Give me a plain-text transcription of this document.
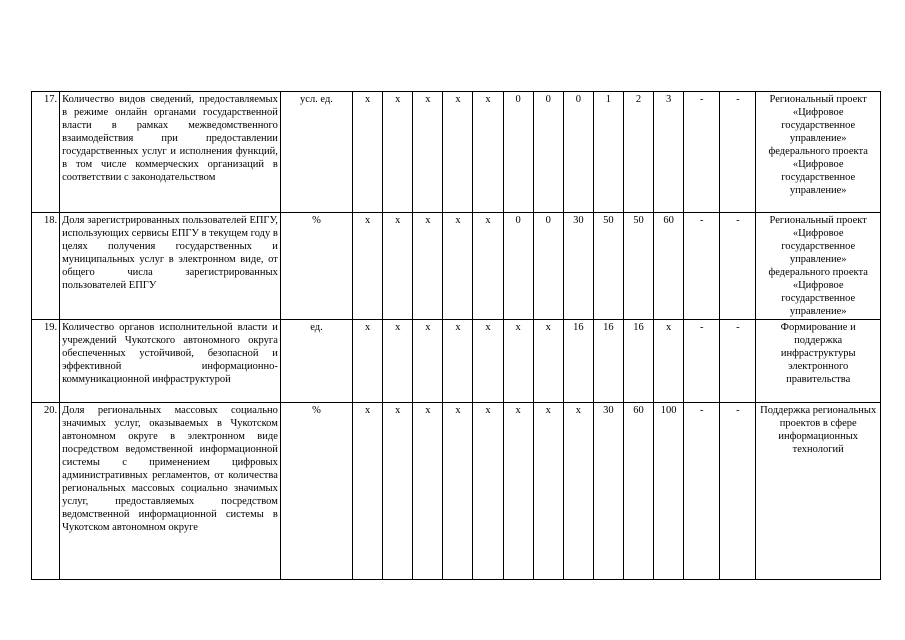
17.	Количество видов сведений, предоставляемых в режиме онлайн органами государственной власти в рамках межведомственного взаимодействия при предоставлении государственных услуг и исполнения функций, в том числе коммерческих организаций в соответствии с законодательством	усл. ед.	х	х	х	х	х	0	0	0	1	2	3	-	-	Региональный проект «Цифровое государственное управление» федерального проекта «Цифровое государственное управление»
18.	Доля зарегистрированных пользователей ЕПГУ, использующих сервисы ЕПГУ в текущем году в целях получения государственных и муниципальных услуг в электронном виде, от общего числа зарегистрированных пользователей ЕПГУ	%	х	х	х	х	х	0	0	30	50	50	60	-	-	Региональный проект «Цифровое государственное управление» федерального проекта «Цифровое государственное управление»
19.	Количество органов исполнительной власти и учреждений Чукотского автономного округа обеспеченных устойчивой, безопасной и эффективной информационно-коммуникационной инфраструктурой	ед.	х	х	х	х	х	х	х	16	16	16	х	-	-	Формирование и поддержка инфраструктуры электронного правительства
20.	Доля региональных массовых социально значимых услуг, оказываемых в Чукотском автономном округе в электронном виде посредством ведомственной информационной системы с применением цифровых административных регламентов, от количества региональных массовых социально значимых услуг, предоставляемых посредством ведомственной информационной системы в Чукотском автономном округе	%	х	х	х	х	х	х	х	х	30	60	100	-	-	Поддержка региональных проектов в сфере информационных технологий
